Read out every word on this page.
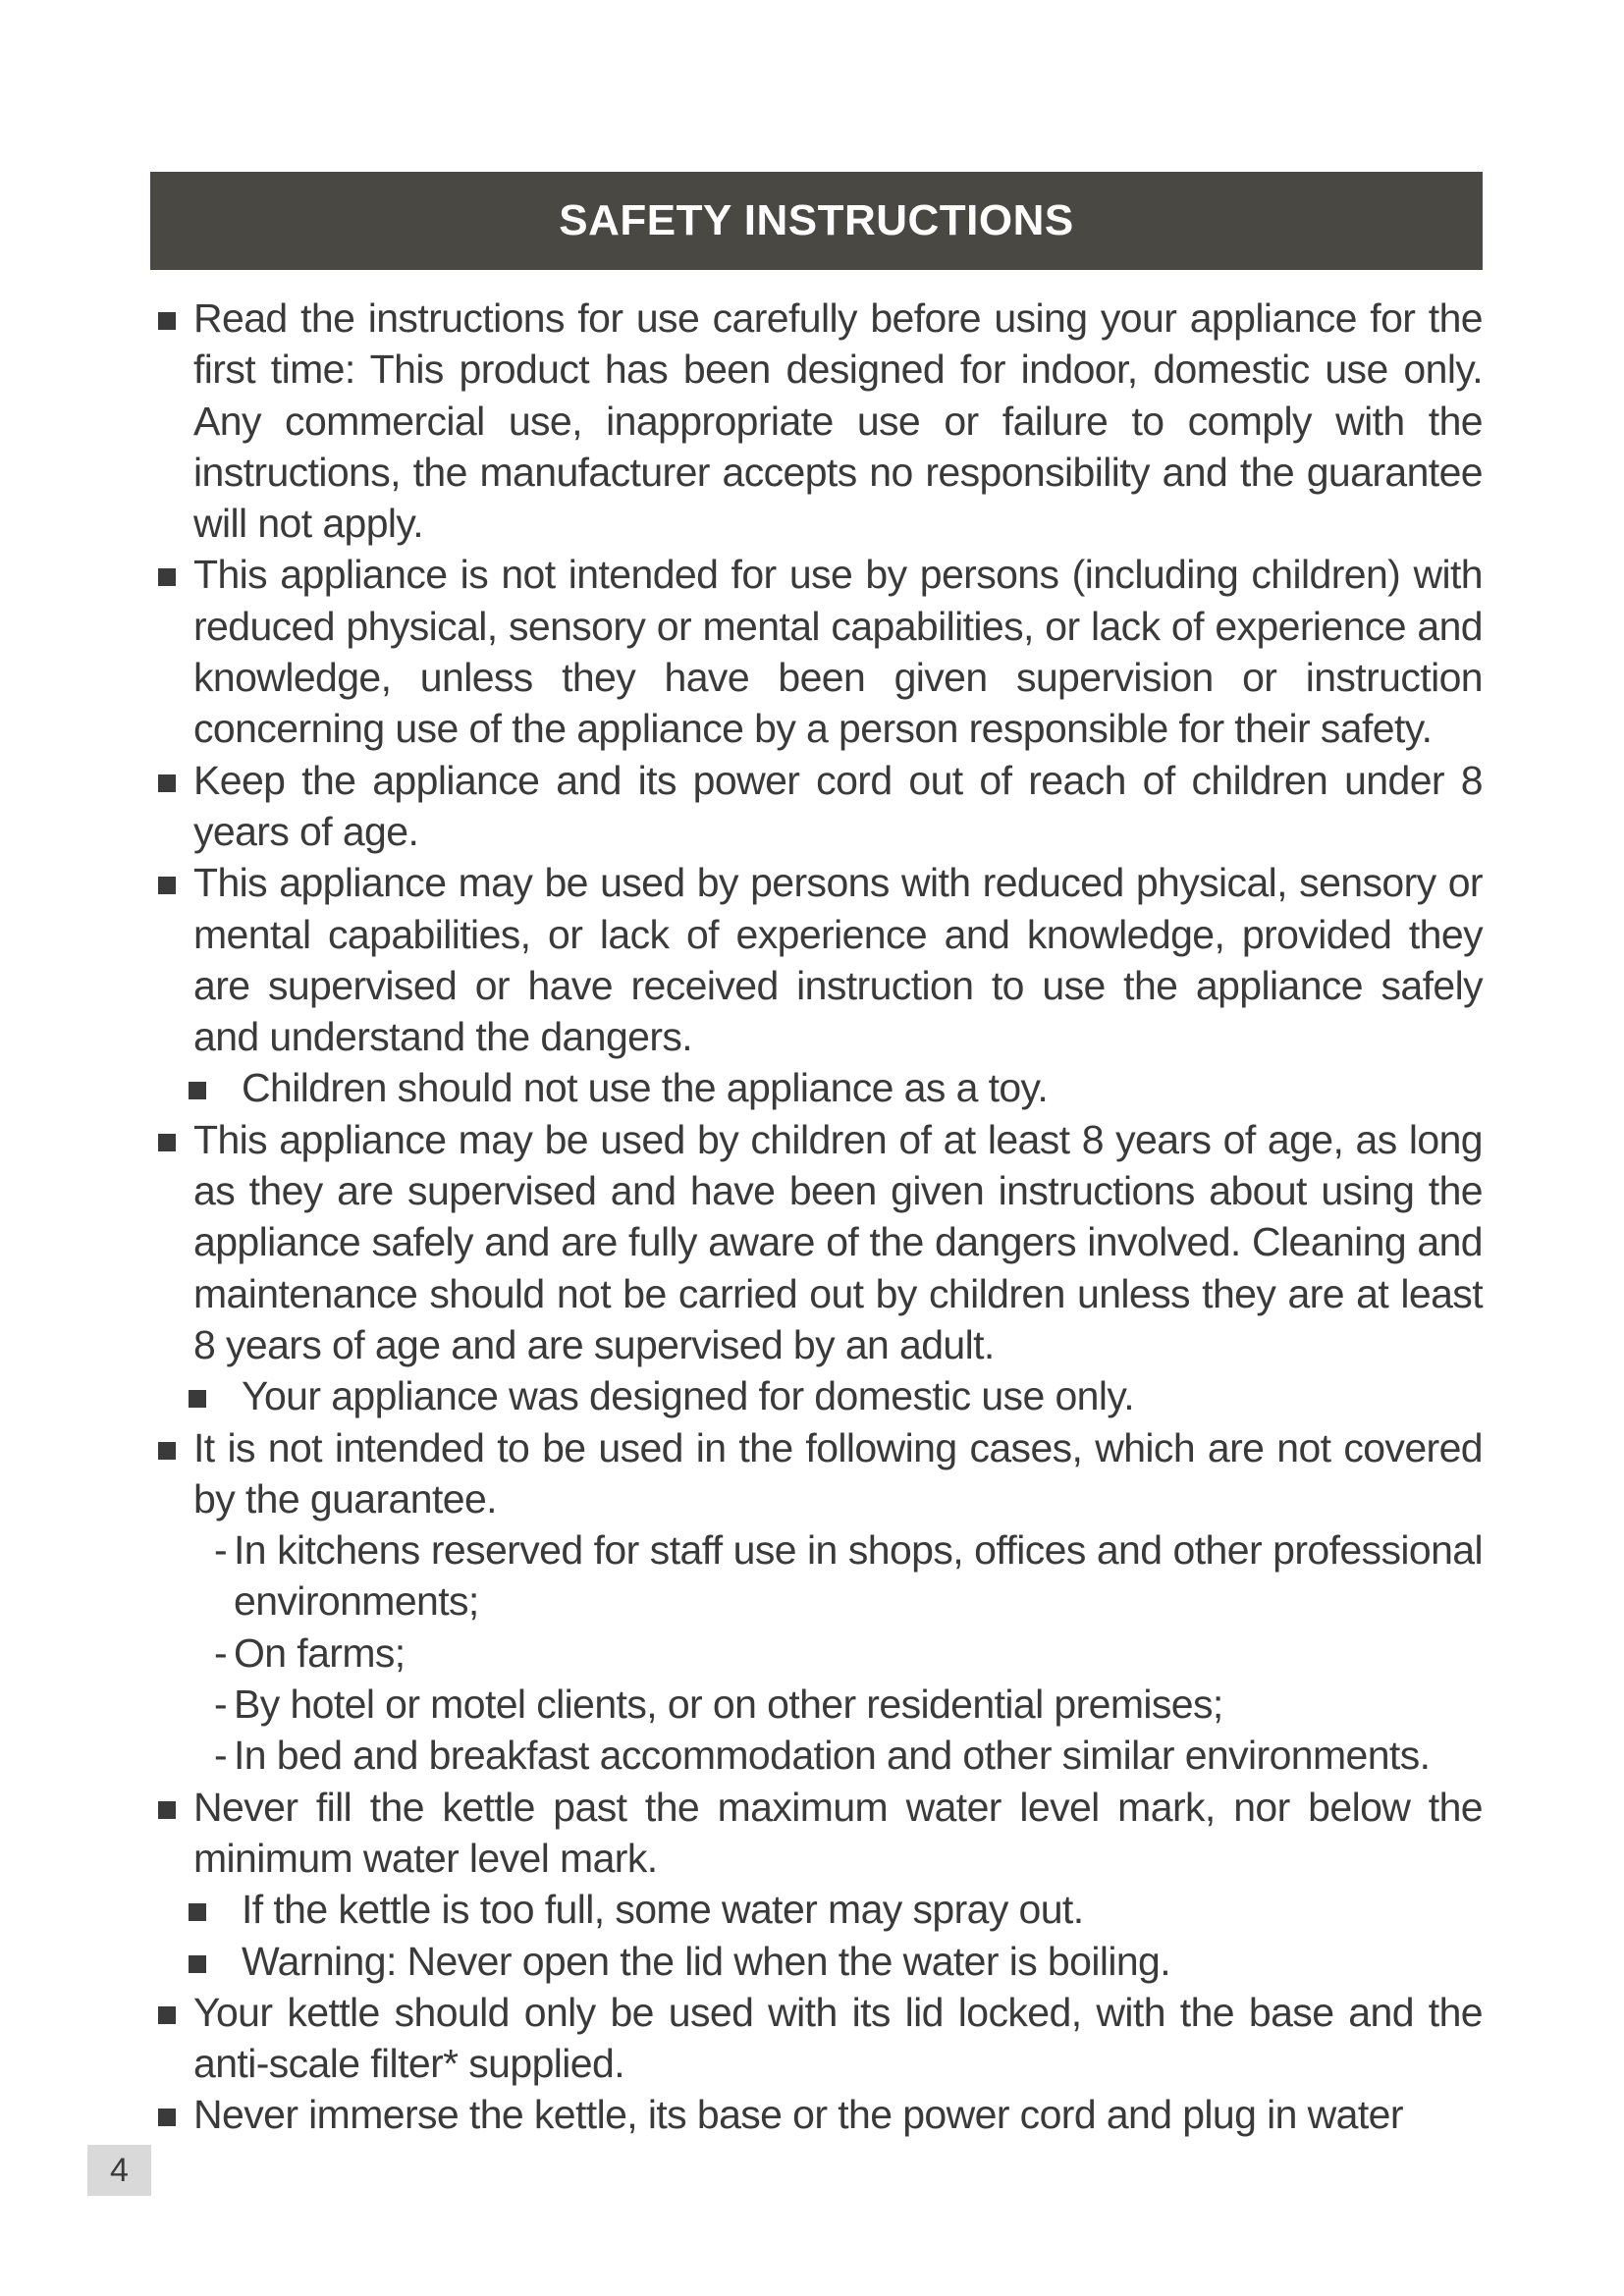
SAFETY INSTRUCTIONS
Read the instructions for use carefully before using your appliance for the first time: This product has been designed for indoor, domestic use only. Any commercial use, inappropriate use or failure to comply with the instructions, the manufacturer accepts no responsibility and the guarantee will not apply.
This appliance is not intended for use by persons (including children) with reduced physical, sensory or mental capabilities, or lack of experience and knowledge, unless they have been given supervision or instruction concerning use of the appliance by a person responsible for their safety.
Keep the appliance and its power cord out of reach of children under 8 years of age.
This appliance may be used by persons with reduced physical, sensory or mental capabilities, or lack of experience and knowledge, provided they are supervised or have received instruction to use the appliance safely and understand the dangers.
Children should not use the appliance as a toy.
This appliance may be used by children of at least 8 years of age, as long as they are supervised and have been given instructions about using the appliance safely and are fully aware of the dangers involved. Cleaning and maintenance should not be carried out by children unless they are at least 8 years of age and are supervised by an adult.
Your appliance was designed for domestic use only.
It is not intended to be used in the following cases, which are not covered by the guarantee.
- In kitchens reserved for staff use in shops, offices and other professional environments;
- On farms;
- By hotel or motel clients, or on other residential premises;
- In bed and breakfast accommodation and other similar environments.
Never fill the kettle past the maximum water level mark, nor below the minimum water level mark.
If the kettle is too full, some water may spray out.
Warning: Never open the lid when the water is boiling.
Your kettle should only be used with its lid locked, with the base and the anti-scale filter* supplied.
Never immerse the kettle, its base or the power cord and plug in water
4
